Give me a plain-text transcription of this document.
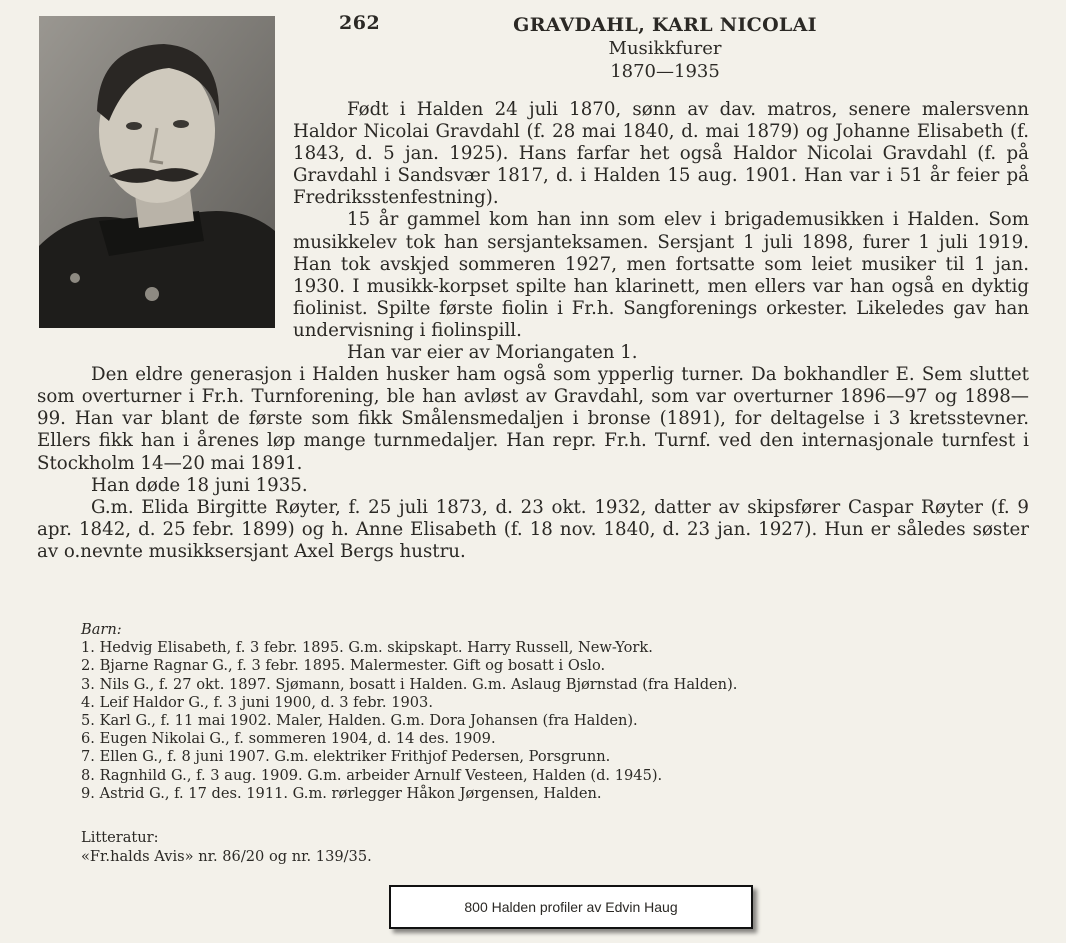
262	GRAVDAHL, KARL NICOLAI
Musikkfurer
1870—1935

Født i Halden 24 juli 1870, sønn av dav. matros, senere malersvenn Haldor Nicolai Gravdahl (f. 28 mai 1840, d. mai 1879) og Johanne Elisabeth (f. 1843, d. 5 jan. 1925). Hans farfar het også Haldor Nicolai Gravdahl (f. på Gravdahl i Sandsvær 1817, d. i Halden 15 aug. 1901. Han var i 51 år feier på Fredriksstenfestning).

15 år gammel kom han inn som elev i brigademusikken i Halden. Som musikkelev tok han sersjanteksamen. Sersjant 1 juli 1898, furer 1 juli 1919. Han tok avskjed sommeren 1927, men fortsatte som leiet musiker til 1 jan. 1930. I musikk-korpset spilte han klarinett, men ellers var han også en dyktig fiolinist. Spilte første fiolin i Fr.h. Sangforenings orkester. Likeledes gav han undervisning i fiolinspill.

Han var eier av Moriangaten 1.

Den eldre generasjon i Halden husker ham også som ypperlig turner. Da bokhandler E. Sem sluttet som overturner i Fr.h. Turnforening, ble han avløst av Gravdahl, som var overturner 1896—97 og 1898—99. Han var blant de første som fikk Smålensmedaljen i bronse (1891), for deltagelse i 3 kretsstevner. Ellers fikk han i årenes løp mange turnmedaljer. Han repr. Fr.h. Turnf. ved den internasjonale turnfest i Stockholm 14—20 mai 1891.

Han døde 18 juni 1935.

G.m. Elida Birgitte Røyter, f. 25 juli 1873, d. 23 okt. 1932, datter av skipsfører Caspar Røyter (f. 9 apr. 1842, d. 25 febr. 1899) og h. Anne Elisabeth (f. 18 nov. 1840, d. 23 jan. 1927). Hun er således søster av o.nevnte musikksersjant Axel Bergs hustru.

Barn:
1. Hedvig Elisabeth, f. 3 febr. 1895. G.m. skipskapt. Harry Russell, New-York.
2. Bjarne Ragnar G., f. 3 febr. 1895. Malermester. Gift og bosatt i Oslo.
3. Nils G., f. 27 okt. 1897. Sjømann, bosatt i Halden. G.m. Aslaug Bjørnstad (fra Halden).
4. Leif Haldor G., f. 3 juni 1900, d. 3 febr. 1903.
5. Karl G., f. 11 mai 1902. Maler, Halden. G.m. Dora Johansen (fra Halden).
6. Eugen Nikolai G., f. sommeren 1904, d. 14 des. 1909.
7. Ellen G., f. 8 juni 1907. G.m. elektriker Frithjof Pedersen, Porsgrunn.
8. Ragnhild G., f. 3 aug. 1909. G.m. arbeider Arnulf Vesteen, Halden (d. 1945).
9. Astrid G., f. 17 des. 1911. G.m. rørlegger Håkon Jørgensen, Halden.
Litteratur:
«Fr.halds Avis» nr. 86/20 og nr. 139/35.
800 Halden profiler av Edvin Haug
